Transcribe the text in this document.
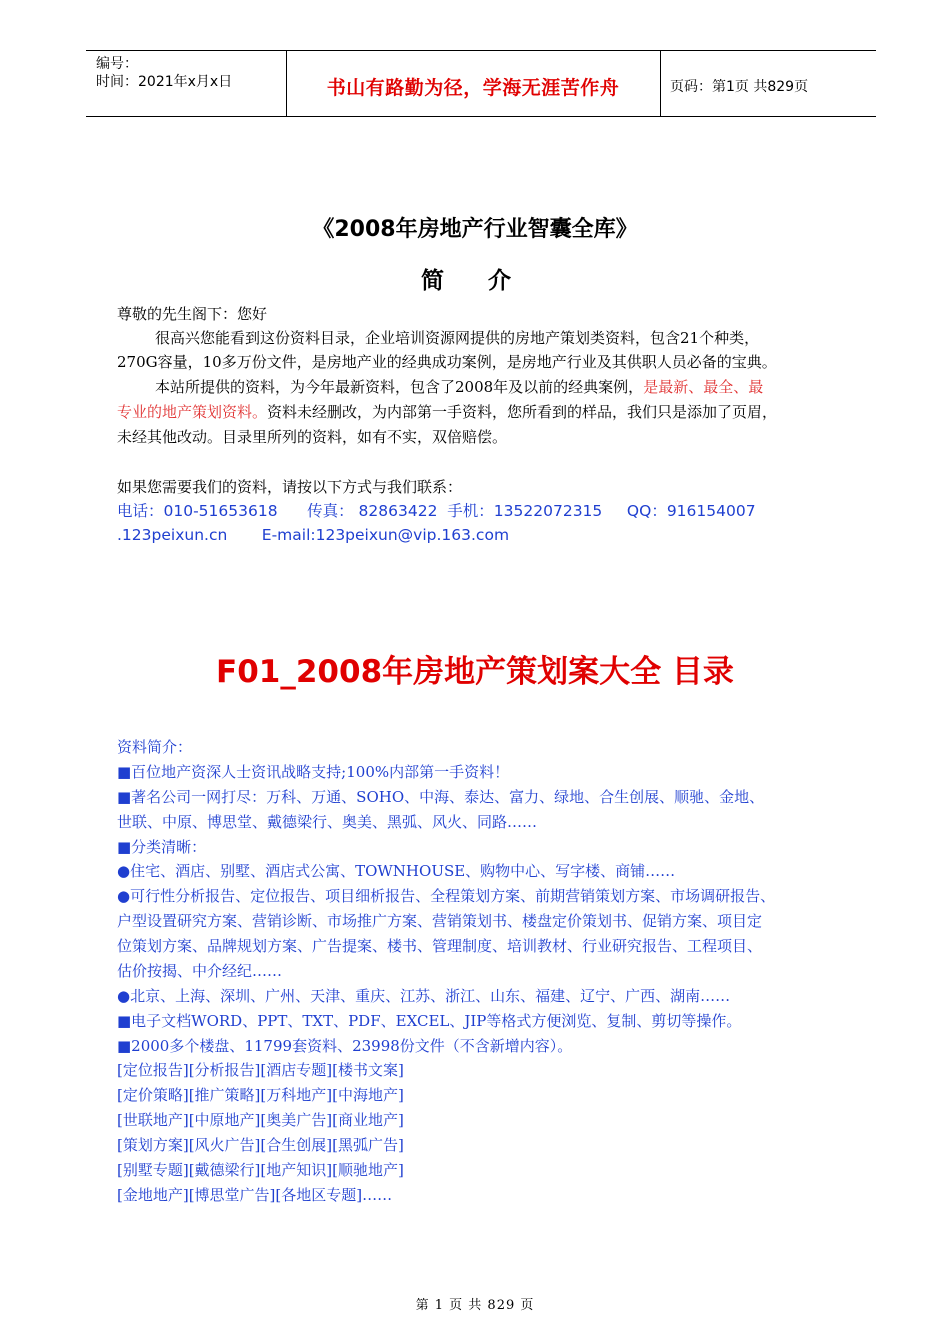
编号：
时间：2021年x月x日	书山有路勤为径，学海无涯苦作舟	页码：第1页 共829页
《2008年房地产行业智囊全库》
简 介
尊敬的先生阁下：您好
很高兴您能看到这份资料目录，企业培训资源网提供的房地产策划类资料，包含21个种类，
270G容量，10多万份文件，是房地产业的经典成功案例，是房地产行业及其供职人员必备的宝典。
本站所提供的资料，为今年最新资料，包含了2008年及以前的经典案例，是最新、最全、最
专业的地产策划资料。资料未经删改，为内部第一手资料，您所看到的样品，我们只是添加了页眉，
未经其他改动。目录里所列的资料，如有不实，双倍赔偿。
如果您需要我们的资料，请按以下方式与我们联系：
电话：010-51653618      传真： 82863422  手机：13522072315     QQ：916154007
.123peixun.cn       E-mail:123peixun@vip.163.com
F01_2008年房地产策划案大全 目录
资料简介：
■百位地产资深人士资讯战略支持;100%内部第一手资料！
■著名公司一网打尽：万科、万通、SOHO、中海、泰达、富力、绿地、合生创展、顺驰、金地、
世联、中原、博思堂、戴德梁行、奥美、黑弧、风火、同路……
■分类清晰：
●住宅、酒店、别墅、酒店式公寓、TOWNHOUSE、购物中心、写字楼、商铺……
●可行性分析报告、定位报告、项目细析报告、全程策划方案、前期营销策划方案、市场调研报告、
户型设置研究方案、营销诊断、市场推广方案、营销策划书、楼盘定价策划书、促销方案、项目定
位策划方案、品牌规划方案、广告提案、楼书、管理制度、培训教材、行业研究报告、工程项目、
估价按揭、中介经纪……
●北京、上海、深圳、广州、天津、重庆、江苏、浙江、山东、福建、辽宁、广西、湖南……
■电子文档WORD、PPT、TXT、PDF、EXCEL、JIP等格式方便浏览、复制、剪切等操作。
■2000多个楼盘、11799套资料、23998份文件（不含新增内容）。
[定位报告][分析报告][酒店专题][楼书文案]
[定价策略][推广策略][万科地产][中海地产]
[世联地产][中原地产][奥美广告][商业地产]
[策划方案][风火广告][合生创展][黑弧广告]
[别墅专题][戴德梁行][地产知识][顺驰地产]
[金地地产][博思堂广告][各地区专题]……
第 1 页 共 829 页
